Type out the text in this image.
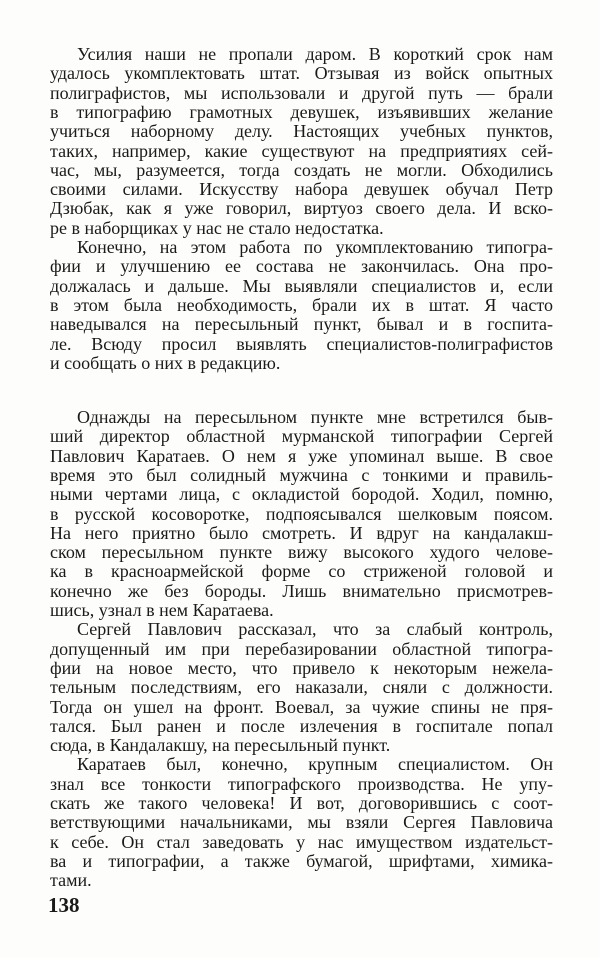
Усилия наши не пропали даром. В короткий срок нам
удалось укомплектовать штат. Отзывая из войск опытных
полиграфистов, мы использовали и другой путь — брали
в типографию грамотных девушек, изъявивших желание
учиться наборному делу. Настоящих учебных пунктов,
таких, например, какие существуют на предприятиях сей-
час, мы, разумеется, тогда создать не могли. Обходились
своими силами. Искусству набора девушек обучал Петр
Дзюбак, как я уже говорил, виртуоз своего дела. И вско-
ре в наборщиках у нас не стало недостатка.
Конечно, на этом работа по укомплектованию типогра-
фии и улучшению ее состава не закончилась. Она про-
должалась и дальше. Мы выявляли специалистов и, если
в этом была необходимость, брали их в штат. Я часто
наведывался на пересыльный пункт, бывал и в госпита-
ле. Всюду просил выявлять специалистов-полиграфистов
и сообщать о них в редакцию.
Однажды на пересыльном пункте мне встретился быв-
ший директор областной мурманской типографии Сергей
Павлович Каратаев. О нем я уже упоминал выше. В свое
время это был солидный мужчина с тонкими и правиль-
ными чертами лица, с окладистой бородой. Ходил, помню,
в русской косоворотке, подпоясывался шелковым поясом.
На него приятно было смотреть. И вдруг на кандалакш-
ском пересыльном пункте вижу высокого худого челове-
ка в красноармейской форме со стриженой головой и
конечно же без бороды. Лишь внимательно присмотрев-
шись, узнал в нем Каратаева.
Сергей Павлович рассказал, что за слабый контроль,
допущенный им при перебазировании областной типогра-
фии на новое место, что привело к некоторым нежела-
тельным последствиям, его наказали, сняли с должности.
Тогда он ушел на фронт. Воевал, за чужие спины не пря-
тался. Был ранен и после излечения в госпитале попал
сюда, в Кандалакшу, на пересыльный пункт.
Каратаев был, конечно, крупным специалистом. Он
знал все тонкости типографского производства. Не упу-
скать же такого человека! И вот, договорившись с соот-
ветствующими начальниками, мы взяли Сергея Павловича
к себе. Он стал заведовать у нас имуществом издательст-
ва и типографии, а также бумагой, шрифтами, химика-
тами.
138
